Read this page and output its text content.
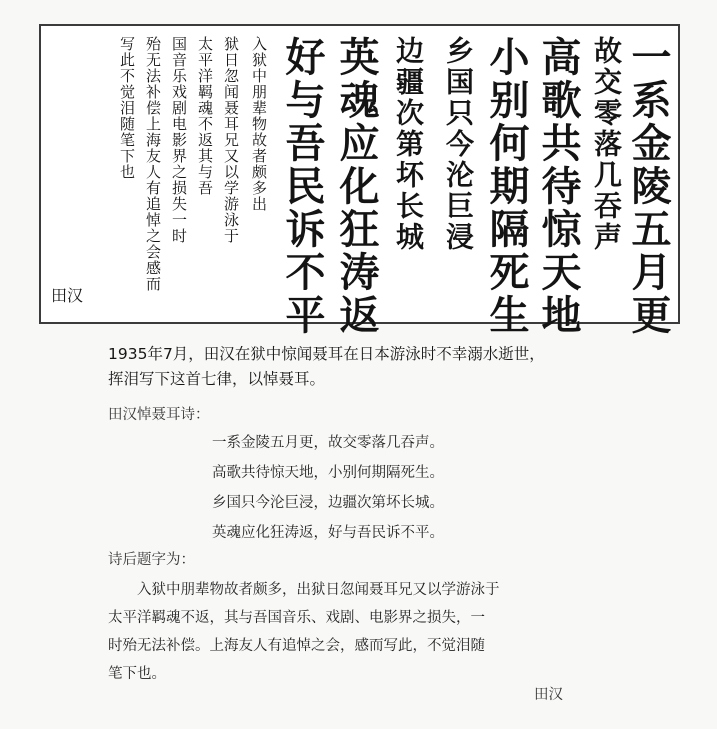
一系金陵五月更
故交零落几吞声
高歌共待惊天地
小别何期隔死生
乡国只今沦巨浸
边疆次第坏长城
英魂应化狂涛返
好与吾民诉不平
入狱中朋辈物故者颇多出
狱日忽闻聂耳兄又以学游泳于
太平洋羁魂不返其与吾
国音乐戏剧电影界之损失一时
殆无法补偿上海友人有追悼之会感而
写此不觉泪随笔下也
田汉
1935年7月，田汉在狱中惊闻聂耳在日本游泳时不幸溺水逝世，
挥泪写下这首七律，以悼聂耳。
田汉悼聂耳诗：
一系金陵五月更，故交零落几吞声。
高歌共待惊天地，小别何期隔死生。
乡国只今沦巨浸，边疆次第坏长城。
英魂应化狂涛返，好与吾民诉不平。
诗后题字为：
　　入狱中朋辈物故者颇多，出狱日忽闻聂耳兄又以学游泳于
太平洋羁魂不返，其与吾国音乐、戏剧、电影界之损失，一
时殆无法补偿。上海友人有追悼之会，感而写此，不觉泪随
笔下也。
田汉
